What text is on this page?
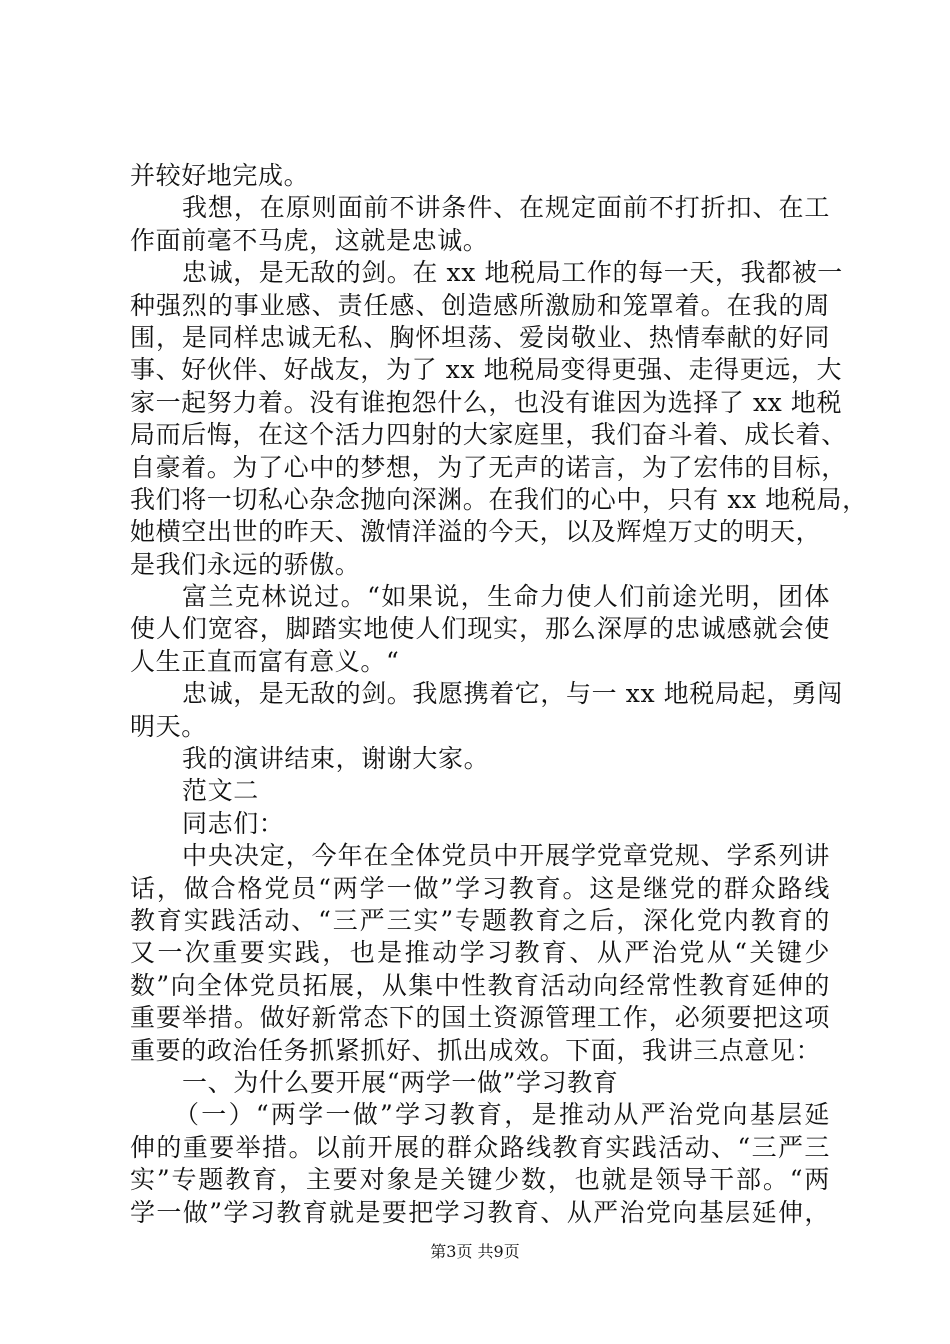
并较好地完成。
我想，在原则面前不讲条件、在规定面前不打折扣、在工
作面前毫不马虎，这就是忠诚。
忠诚，是无敌的剑。在 xx 地税局工作的每一天，我都被一
种强烈的事业感、责任感、创造感所激励和笼罩着。在我的周
围，是同样忠诚无私、胸怀坦荡、爱岗敬业、热情奉献的好同
事、好伙伴、好战友，为了 xx 地税局变得更强、走得更远，大
家一起努力着。没有谁抱怨什么，也没有谁因为选择了 xx 地税
局而后悔，在这个活力四射的大家庭里，我们奋斗着、成长着、
自豪着。为了心中的梦想，为了无声的诺言，为了宏伟的目标，
我们将一切私心杂念抛向深渊。在我们的心中，只有 xx 地税局，
她横空出世的昨天、激情洋溢的今天，以及辉煌万丈的明天，
是我们永远的骄傲。
富兰克林说过。“如果说，生命力使人们前途光明，团体
使人们宽容，脚踏实地使人们现实，那么深厚的忠诚感就会使
人生正直而富有意义。“
忠诚，是无敌的剑。我愿携着它，与一 xx 地税局起，勇闯
明天。
我的演讲结束，谢谢大家。
范文二
同志们：
中央决定，今年在全体党员中开展学党章党规、学系列讲
话，做合格党员“两学一做”学习教育。这是继党的群众路线
教育实践活动、“三严三实”专题教育之后，深化党内教育的
又一次重要实践，也是推动学习教育、从严治党从“关键少
数”向全体党员拓展，从集中性教育活动向经常性教育延伸的
重要举措。做好新常态下的国土资源管理工作，必须要把这项
重要的政治任务抓紧抓好、抓出成效。下面，我讲三点意见：
一、为什么要开展“两学一做”学习教育
（一）“两学一做”学习教育，是推动从严治党向基层延
伸的重要举措。以前开展的群众路线教育实践活动、“三严三
实”专题教育，主要对象是关键少数，也就是领导干部。“两
学一做”学习教育就是要把学习教育、从严治党向基层延伸，
第3页 共9页
